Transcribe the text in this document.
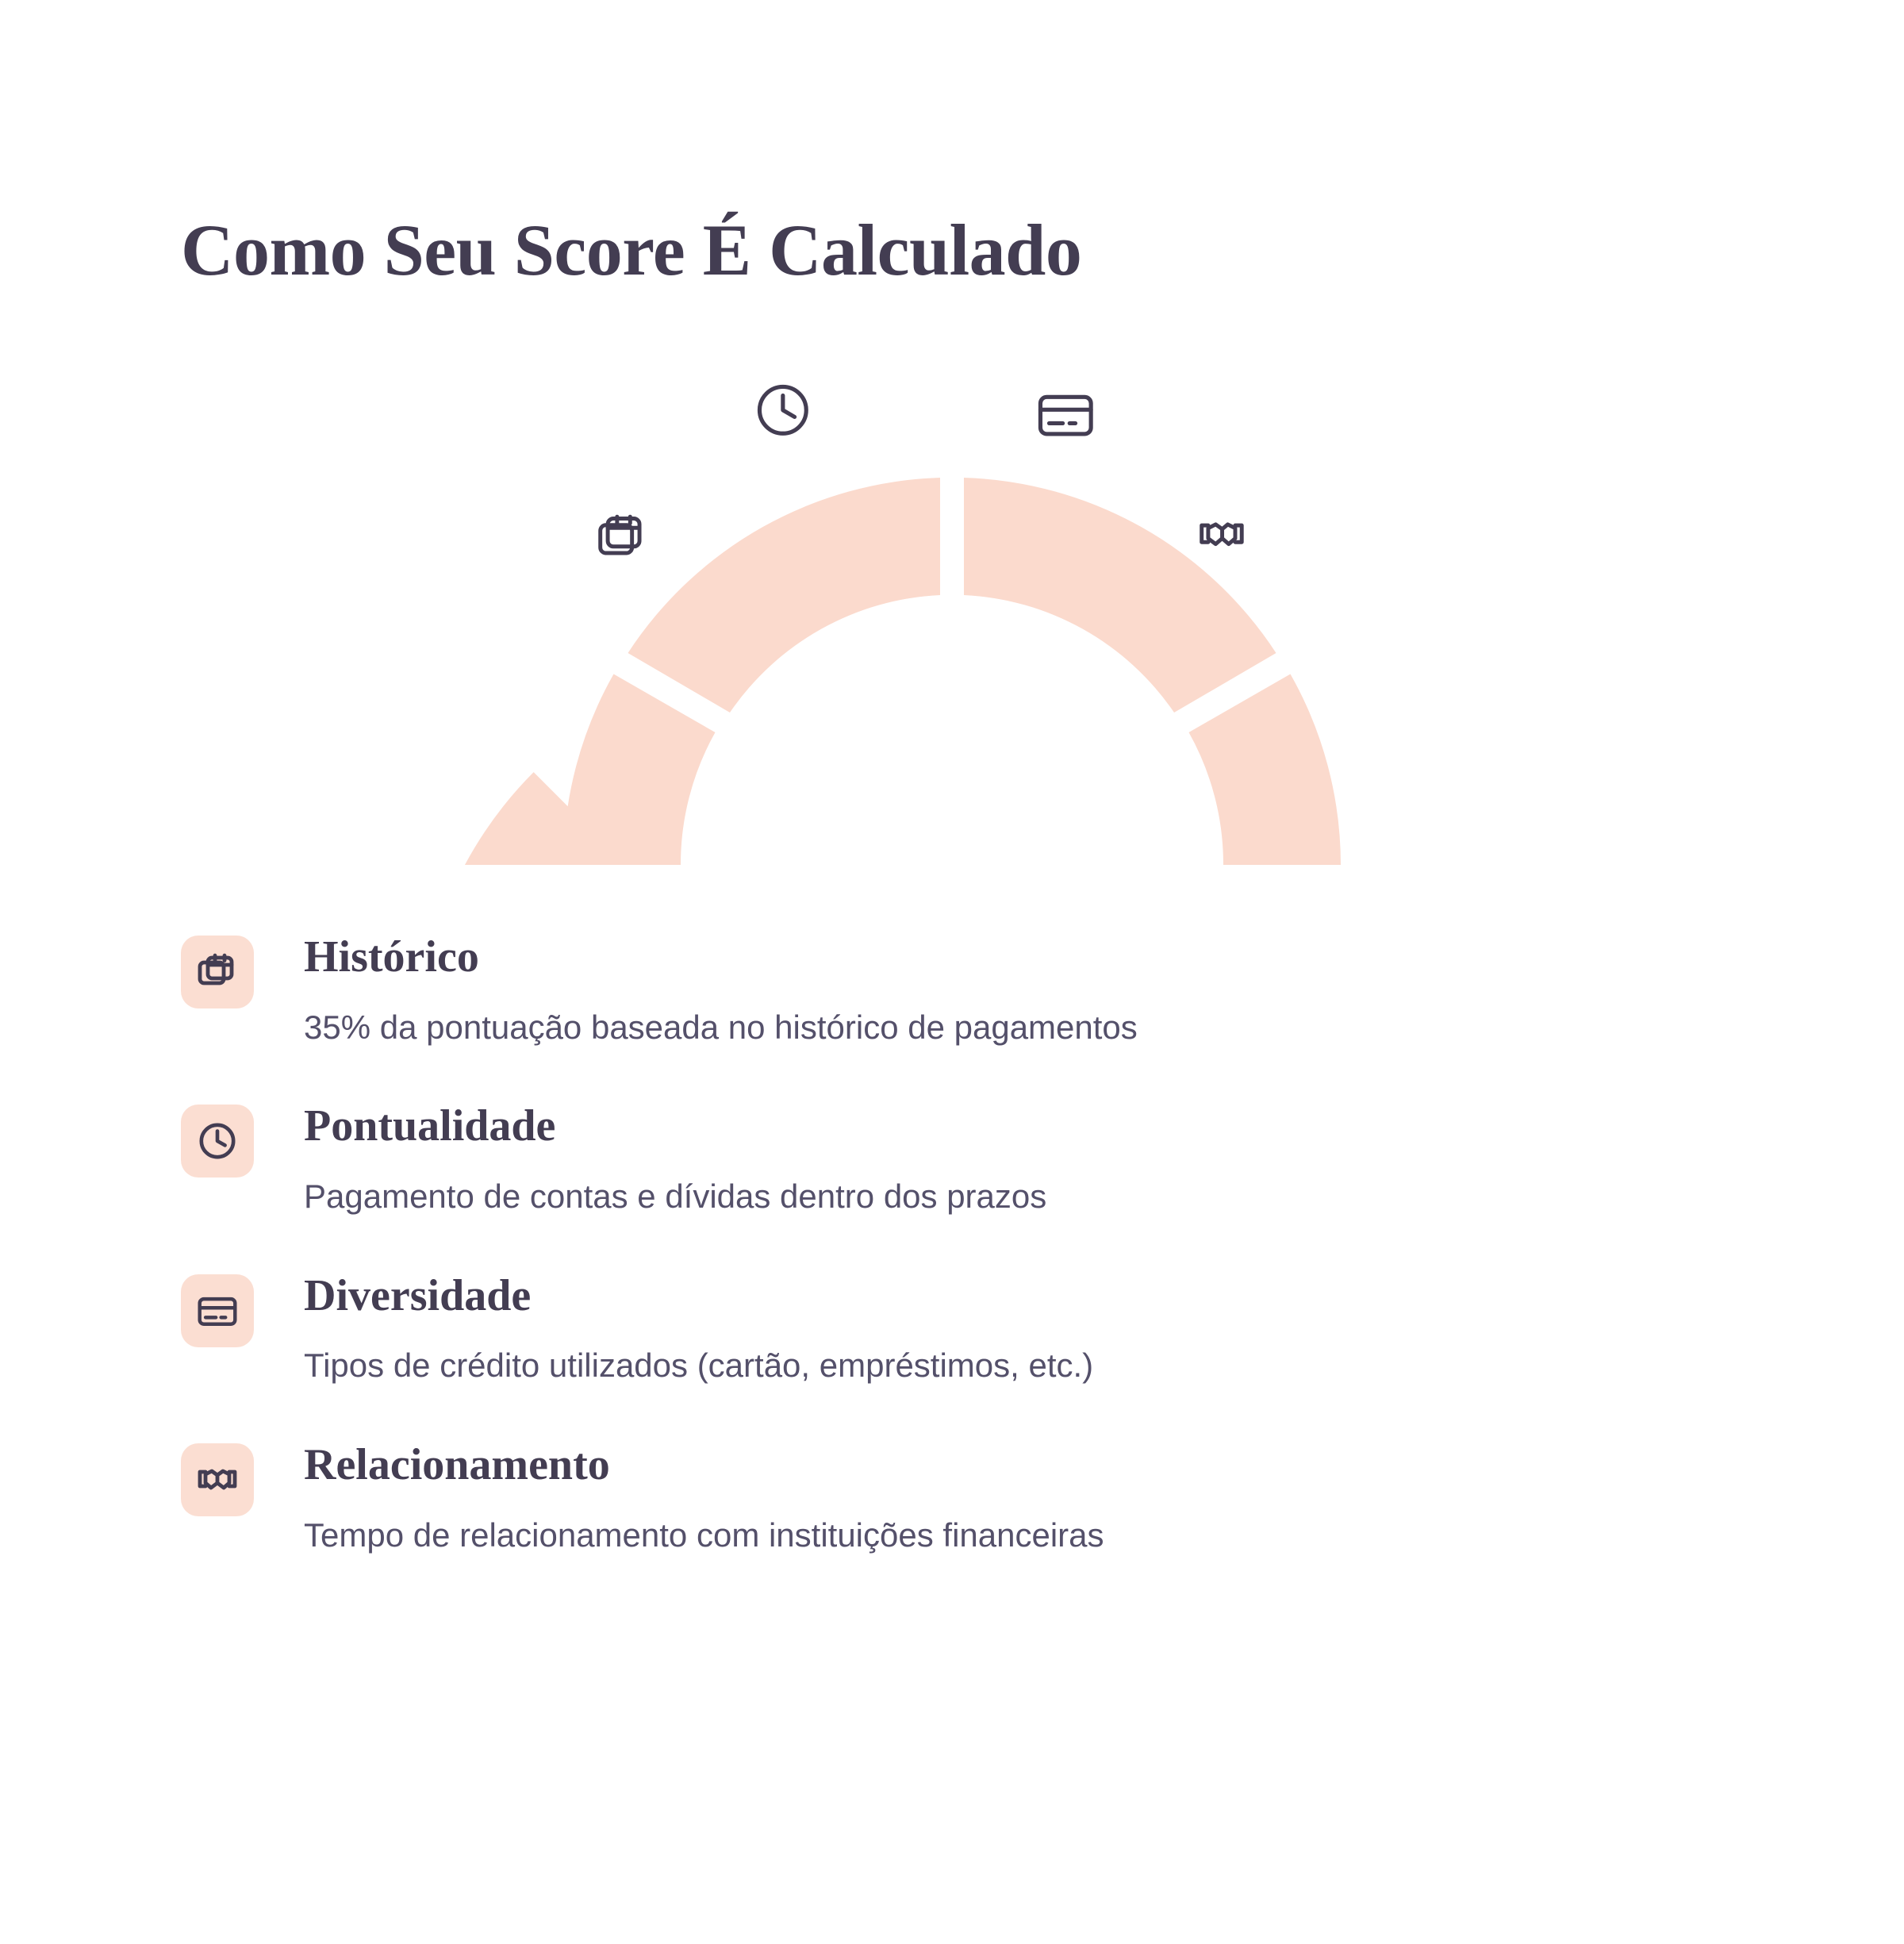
Como Seu Score É Calculado

Histórico

35% da pontuação baseada no histórico de pagamentos

Pontualidade

Pagamento de contas e dívidas dentro dos prazos

Diversidade

Tipos de crédito utilizados (cartão, empréstimos, etc.)

Relacionamento

Tempo de relacionamento com instituições financeiras
